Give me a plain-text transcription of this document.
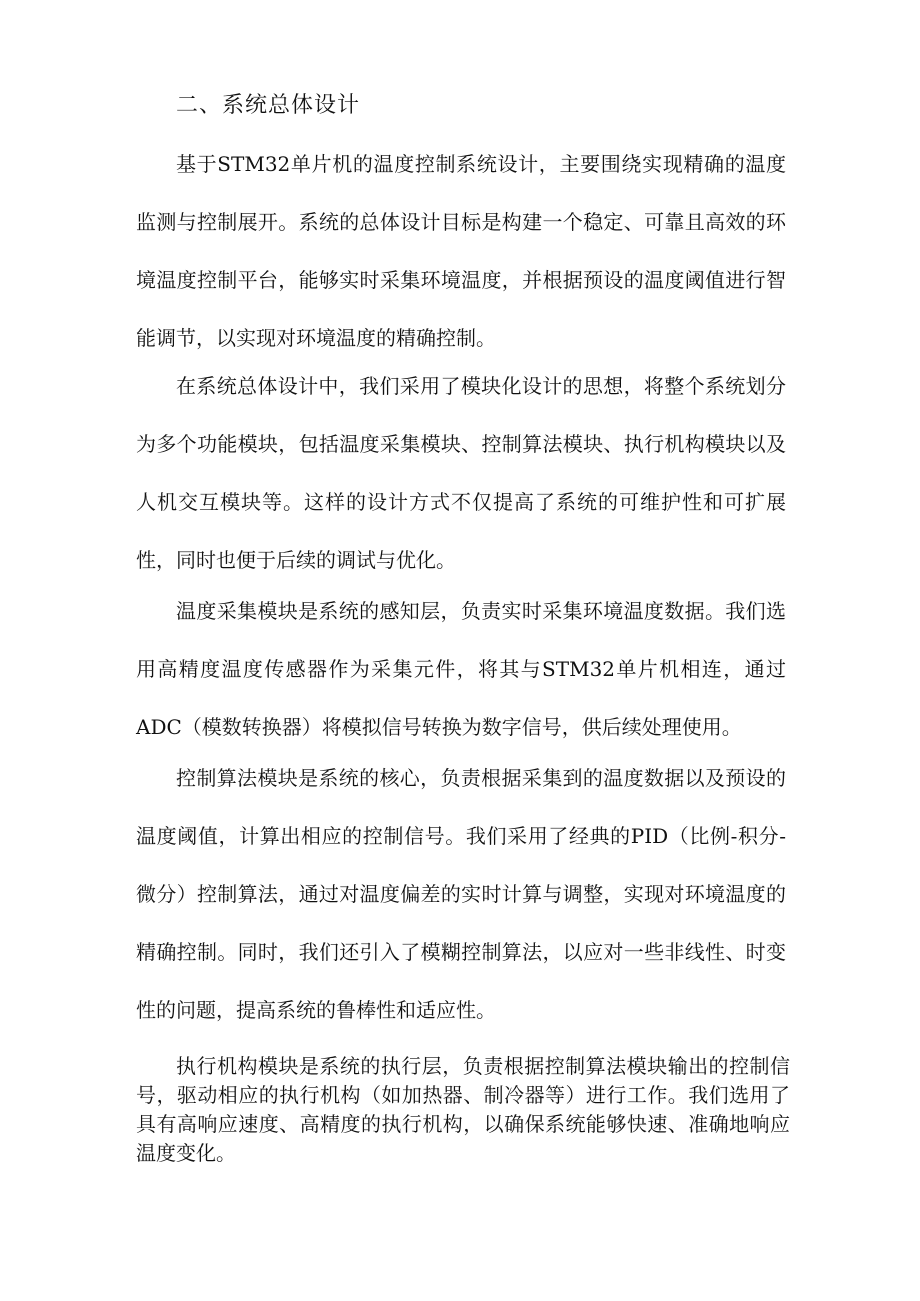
二、系统总体设计

基于STM32单片机的温度控制系统设计，主要围绕实现精确的温度监测与控制展开。系统的总体设计目标是构建一个稳定、可靠且高效的环境温度控制平台，能够实时采集环境温度，并根据预设的温度阈值进行智能调节，以实现对环境温度的精确控制。

在系统总体设计中，我们采用了模块化设计的思想，将整个系统划分为多个功能模块，包括温度采集模块、控制算法模块、执行机构模块以及人机交互模块等。这样的设计方式不仅提高了系统的可维护性和可扩展性，同时也便于后续的调试与优化。

温度采集模块是系统的感知层，负责实时采集环境温度数据。我们选用高精度温度传感器作为采集元件，将其与STM32单片机相连，通过ADC（模数转换器）将模拟信号转换为数字信号，供后续处理使用。

控制算法模块是系统的核心，负责根据采集到的温度数据以及预设的温度阈值，计算出相应的控制信号。我们采用了经典的PID（比例-积分-微分）控制算法，通过对温度偏差的实时计算与调整，实现对环境温度的精确控制。同时，我们还引入了模糊控制算法，以应对一些非线性、时变性的问题，提高系统的鲁棒性和适应性。

执行机构模块是系统的执行层，负责根据控制算法模块输出的控制信号，驱动相应的执行机构（如加热器、制冷器等）进行工作。我们选用了具有高响应速度、高精度的执行机构，以确保系统能够快速、准确地响应温度变化。
